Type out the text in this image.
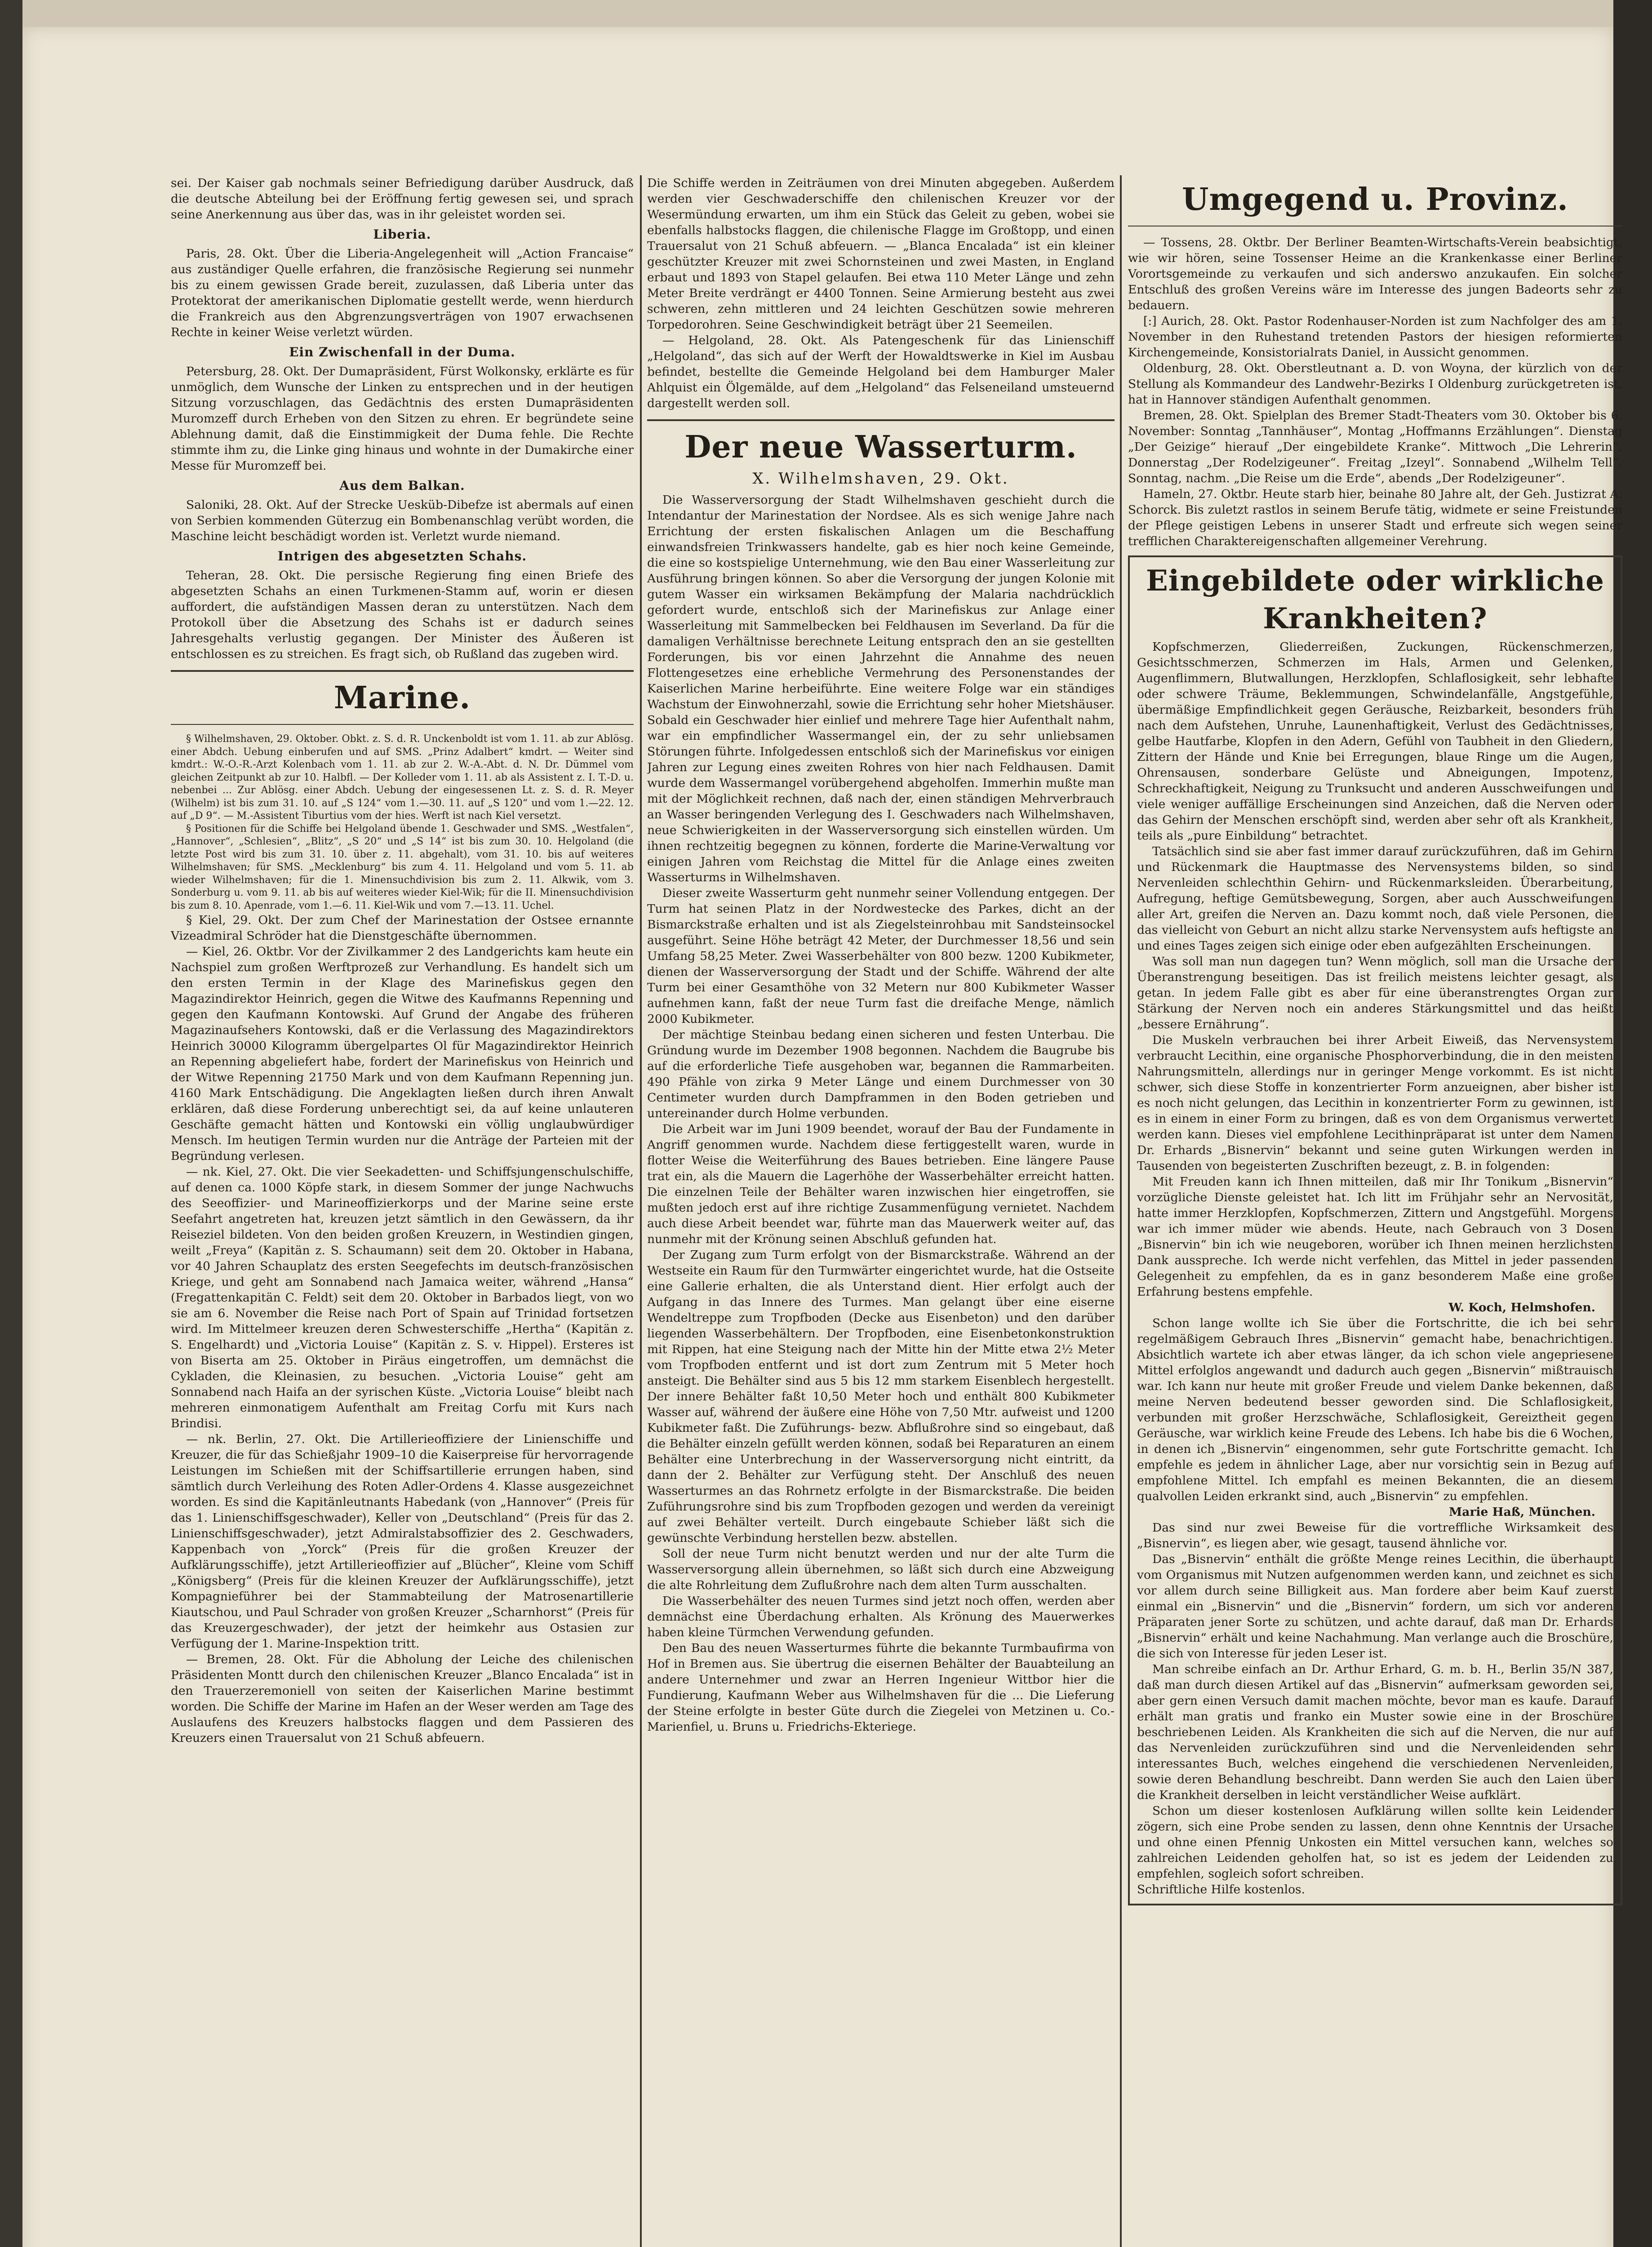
sei. Der Kaiser gab nochmals seiner Befriedigung darüber Ausdruck, daß die deutsche Abteilung bei der Eröffnung fertig gewesen sei, und sprach seine Anerkennung aus über das, was in ihr geleistet worden sei.

Liberia.

Paris, 28. Okt. Über die Liberia-Angelegenheit will „Action Francaise“ aus zuständiger Quelle erfahren, die französische Regierung sei nunmehr bis zu einem gewissen Grade bereit, zuzulassen, daß Liberia unter das Protektorat der amerikanischen Diplomatie gestellt werde, wenn hierdurch die Frankreich aus den Abgrenzungsverträgen von 1907 erwachsenen Rechte in keiner Weise verletzt würden.

Ein Zwischenfall in der Duma.

Petersburg, 28. Okt. Der Dumapräsident, Fürst Wolkonsky, erklärte es für unmöglich, dem Wunsche der Linken zu entsprechen und in der heutigen Sitzung vorzuschlagen, das Gedächtnis des ersten Dumapräsidenten Muromzeff durch Erheben von den Sitzen zu ehren. Er begründete seine Ablehnung damit, daß die Einstimmigkeit der Duma fehle. Die Rechte stimmte ihm zu, die Linke ging hinaus und wohnte in der Dumakirche einer Messe für Muromzeff bei.

Aus dem Balkan.

Saloniki, 28. Okt. Auf der Strecke Uesküb-Dibefze ist abermals auf einen von Serbien kommenden Güterzug ein Bombenanschlag verübt worden, die Maschine leicht beschädigt worden ist. Verletzt wurde niemand.

Intrigen des abgesetzten Schahs.

Teheran, 28. Okt. Die persische Regierung fing einen Briefe des abgesetzten Schahs an einen Turkmenen-Stamm auf, worin er diesen auffordert, die aufständigen Massen deran zu unterstützen. Nach dem Protokoll über die Absetzung des Schahs ist er dadurch seines Jahresgehalts verlustig gegangen. Der Minister des Äußeren ist entschlossen es zu streichen. Es fragt sich, ob Rußland das zugeben wird.

Marine.

§ Wilhelmshaven, 29. Oktober. Obkt. z. S. d. R. Unckenboldt ist vom 1. 11. ab zur Ablösg. einer Abdch. Uebung einberufen und auf SMS. „Prinz Adalbert“ kmdrt. — Weiter sind kmdrt.: W.-O.-R.-Arzt Kolenbach vom 1. 11. ab zur 2. W.-A.-Abt. d. N. Dr. Dümmel vom gleichen Zeitpunkt ab zur 10. Halbfl. — Der Kolleder vom 1. 11. ab als Assistent z. I. T.-D. u. nebenbei ... Zur Ablösg. einer Abdch. Uebung der eingesessenen Lt. z. S. d. R. Meyer (Wilhelm) ist bis zum 31. 10. auf „S 124“ vom 1.—30. 11. auf „S 120“ und vom 1.—22. 12. auf „D 9“. — M.-Assistent Tiburtius vom der hies. Werft ist nach Kiel versetzt.

§ Positionen für die Schiffe bei Helgoland übende 1. Geschwader und SMS. „Westfalen“, „Hannover“, „Schlesien“, „Blitz“, „S 20“ und „S 14“ ist bis zum 30. 10. Helgoland (die letzte Post wird bis zum 31. 10. über z. 11. abgehalt), vom 31. 10. bis auf weiteres Wilhelmshaven; für SMS. „Mecklenburg“ bis zum 4. 11. Helgoland und vom 5. 11. ab wieder Wilhelmshaven; für die 1. Minensuchdivision bis zum 2. 11. Alkwik, vom 3. Sonderburg u. vom 9. 11. ab bis auf weiteres wieder Kiel-Wik; für die II. Minensuchdivision bis zum 8. 10. Apenrade, vom 1.—6. 11. Kiel-Wik und vom 7.—13. 11. Uchel.

§ Kiel, 29. Okt. Der zum Chef der Marinestation der Ostsee ernannte Vizeadmiral Schröder hat die Dienstgeschäfte übernommen.

— Kiel, 26. Oktbr. Vor der Zivilkammer 2 des Landgerichts kam heute ein Nachspiel zum großen Werftprozeß zur Verhandlung. Es handelt sich um den ersten Termin in der Klage des Marinefiskus gegen den Magazindirektor Heinrich, gegen die Witwe des Kaufmanns Repenning und gegen den Kaufmann Kontowski. Auf Grund der Angabe des früheren Magazinaufsehers Kontowski, daß er die Verlassung des Magazindirektors Heinrich 30000 Kilogramm übergelpartes Ol für Magazindirektor Heinrich an Repenning abgeliefert habe, fordert der Marinefiskus von Heinrich und der Witwe Repenning 21750 Mark und von dem Kaufmann Repenning jun. 4160 Mark Entschädigung. Die Angeklagten ließen durch ihren Anwalt erklären, daß diese Forderung unberechtigt sei, da auf keine unlauteren Geschäfte gemacht hätten und Kontowski ein völlig unglaubwürdiger Mensch. Im heutigen Termin wurden nur die Anträge der Parteien mit der Begründung verlesen.

— nk. Kiel, 27. Okt. Die vier Seekadetten- und Schiffsjungenschulschiffe, auf denen ca. 1000 Köpfe stark, in diesem Sommer der junge Nachwuchs des Seeoffizier- und Marineoffizierkorps und der Marine seine erste Seefahrt angetreten hat, kreuzen jetzt sämtlich in den Gewässern, da ihr Reiseziel bildeten. Von den beiden großen Kreuzern, in Westindien gingen, weilt „Freya“ (Kapitän z. S. Schaumann) seit dem 20. Oktober in Habana, vor 40 Jahren Schauplatz des ersten Seegefechts im deutsch-französischen Kriege, und geht am Sonnabend nach Jamaica weiter, während „Hansa“ (Fregattenkapitän C. Feldt) seit dem 20. Oktober in Barbados liegt, von wo sie am 6. November die Reise nach Port of Spain auf Trinidad fortsetzen wird. Im Mittelmeer kreuzen deren Schwesterschiffe „Hertha“ (Kapitän z. S. Engelhardt) und „Victoria Louise“ (Kapitän z. S. v. Hippel). Ersteres ist von Biserta am 25. Oktober in Piräus eingetroffen, um demnächst die Cykladen, die Kleinasien, zu besuchen. „Victoria Louise“ geht am Sonnabend nach Haifa an der syrischen Küste. „Victoria Louise“ bleibt nach mehreren einmonatigem Aufenthalt am Freitag Corfu mit Kurs nach Brindisi.

— nk. Berlin, 27. Okt. Die Artillerieoffiziere der Linienschiffe und Kreuzer, die für das Schießjahr 1909–10 die Kaiserpreise für hervorragende Leistungen im Schießen mit der Schiffsartillerie errungen haben, sind sämtlich durch Verleihung des Roten Adler-Ordens 4. Klasse ausgezeichnet worden. Es sind die Kapitänleutnants Habedank (von „Hannover“ (Preis für das 1. Linienschiffsgeschwader), Keller von „Deutschland“ (Preis für das 2. Linienschiffsgeschwader), jetzt Admiralstabsoffizier des 2. Geschwaders, Kappenbach von „Yorck“ (Preis für die großen Kreuzer der Aufklärungsschiffe), jetzt Artillerieoffizier auf „Blücher“, Kleine vom Schiff „Königsberg“ (Preis für die kleinen Kreuzer der Aufklärungsschiffe), jetzt Kompagnieführer bei der Stammabteilung der Matrosenartillerie Kiautschou, und Paul Schrader von großen Kreuzer „Scharnhorst“ (Preis für das Kreuzergeschwader), der jetzt der heimkehr aus Ostasien zur Verfügung der 1. Marine-Inspektion tritt.

— Bremen, 28. Okt. Für die Abholung der Leiche des chilenischen Präsidenten Montt durch den chilenischen Kreuzer „Blanco Encalada“ ist in den Trauerzeremoniell von seiten der Kaiserlichen Marine bestimmt worden. Die Schiffe der Marine im Hafen an der Weser werden am Tage des Auslaufens des Kreuzers halbstocks flaggen und dem Passieren des Kreuzers einen Trauersalut von 21 Schuß abfeuern.

Die Schiffe werden in Zeiträumen von drei Minuten abgegeben. Außerdem werden vier Geschwaderschiffe den chilenischen Kreuzer vor der Wesermündung erwarten, um ihm ein Stück das Geleit zu geben, wobei sie ebenfalls halbstocks flaggen, die chilenische Flagge im Großtopp, und einen Trauersalut von 21 Schuß abfeuern. — „Blanca Encalada“ ist ein kleiner geschützter Kreuzer mit zwei Schornsteinen und zwei Masten, in England erbaut und 1893 von Stapel gelaufen. Bei etwa 110 Meter Länge und zehn Meter Breite verdrängt er 4400 Tonnen. Seine Armierung besteht aus zwei schweren, zehn mittleren und 24 leichten Geschützen sowie mehreren Torpedorohren. Seine Geschwindigkeit beträgt über 21 Seemeilen.

— Helgoland, 28. Okt. Als Patengeschenk für das Linienschiff „Helgoland“, das sich auf der Werft der Howaldtswerke in Kiel im Ausbau befindet, bestellte die Gemeinde Helgoland bei dem Hamburger Maler Ahlquist ein Ölgemälde, auf dem „Helgoland“ das Felseneiland umsteuernd dargestellt werden soll.

Der neue Wasserturm.
X. Wilhelmshaven, 29. Okt.

Die Wasserversorgung der Stadt Wilhelmshaven geschieht durch die Intendantur der Marinestation der Nordsee. Als es sich wenige Jahre nach Errichtung der ersten fiskalischen Anlagen um die Beschaffung einwandsfreien Trinkwassers handelte, gab es hier noch keine Gemeinde, die eine so kostspielige Unternehmung, wie den Bau einer Wasserleitung zur Ausführung bringen können. So aber die Versorgung der jungen Kolonie mit gutem Wasser ein wirksamen Bekämpfung der Malaria nachdrücklich gefordert wurde, entschloß sich der Marinefiskus zur Anlage einer Wasserleitung mit Sammelbecken bei Feldhausen im Severland. Da für die damaligen Verhältnisse berechnete Leitung entsprach den an sie gestellten Forderungen, bis vor einen Jahrzehnt die Annahme des neuen Flottengesetzes eine erhebliche Vermehrung des Personenstandes der Kaiserlichen Marine herbeiführte. Eine weitere Folge war ein ständiges Wachstum der Einwohnerzahl, sowie die Errichtung sehr hoher Mietshäuser. Sobald ein Geschwader hier einlief und mehrere Tage hier Aufenthalt nahm, war ein empfindlicher Wassermangel ein, der zu sehr unliebsamen Störungen führte. Infolgedessen entschloß sich der Marinefiskus vor einigen Jahren zur Legung eines zweiten Rohres von hier nach Feldhausen. Damit wurde dem Wassermangel vorübergehend abgeholfen. Immerhin mußte man mit der Möglichkeit rechnen, daß nach der, einen ständigen Mehrverbrauch an Wasser beringenden Verlegung des I. Geschwaders nach Wilhelmshaven, neue Schwierigkeiten in der Wasserversorgung sich einstellen würden. Um ihnen rechtzeitig begegnen zu können, forderte die Marine-Verwaltung vor einigen Jahren vom Reichstag die Mittel für die Anlage eines zweiten Wasserturms in Wilhelmshaven.

Dieser zweite Wasserturm geht nunmehr seiner Vollendung entgegen. Der Turm hat seinen Platz in der Nordwestecke des Parkes, dicht an der Bismarckstraße erhalten und ist als Ziegelsteinrohbau mit Sandsteinsockel ausgeführt. Seine Höhe beträgt 42 Meter, der Durchmesser 18,56 und sein Umfang 58,25 Meter. Zwei Wasserbehälter von 800 bezw. 1200 Kubikmeter, dienen der Wasserversorgung der Stadt und der Schiffe. Während der alte Turm bei einer Gesamthöhe von 32 Metern nur 800 Kubikmeter Wasser aufnehmen kann, faßt der neue Turm fast die dreifache Menge, nämlich 2000 Kubikmeter.

Der mächtige Steinbau bedang einen sicheren und festen Unterbau. Die Gründung wurde im Dezember 1908 begonnen. Nachdem die Baugrube bis auf die erforderliche Tiefe ausgehoben war, begannen die Rammarbeiten. 490 Pfähle von zirka 9 Meter Länge und einem Durchmesser von 30 Centimeter wurden durch Dampframmen in den Boden getrieben und untereinander durch Holme verbunden.

Die Arbeit war im Juni 1909 beendet, worauf der Bau der Fundamente in Angriff genommen wurde. Nachdem diese fertiggestellt waren, wurde in flotter Weise die Weiterführung des Baues betrieben. Eine längere Pause trat ein, als die Mauern die Lagerhöhe der Wasserbehälter erreicht hatten. Die einzelnen Teile der Behälter waren inzwischen hier eingetroffen, sie mußten jedoch erst auf ihre richtige Zusammenfügung vernietet. Nachdem auch diese Arbeit beendet war, führte man das Mauerwerk weiter auf, das nunmehr mit der Krönung seinen Abschluß gefunden hat.

Der Zugang zum Turm erfolgt von der Bismarckstraße. Während an der Westseite ein Raum für den Turmwärter eingerichtet wurde, hat die Ostseite eine Gallerie erhalten, die als Unterstand dient. Hier erfolgt auch der Aufgang in das Innere des Turmes. Man gelangt über eine eiserne Wendeltreppe zum Tropfboden (Decke aus Eisenbeton) und den darüber liegenden Wasserbehältern. Der Tropfboden, eine Eisenbetonkonstruktion mit Rippen, hat eine Steigung nach der Mitte hin der Mitte etwa 2½ Meter vom Tropfboden entfernt und ist dort zum Zentrum mit 5 Meter hoch ansteigt. Die Behälter sind aus 5 bis 12 mm starkem Eisenblech hergestellt. Der innere Behälter faßt 10,50 Meter hoch und enthält 800 Kubikmeter Wasser auf, während der äußere eine Höhe von 7,50 Mtr. aufweist und 1200 Kubikmeter faßt. Die Zuführungs- bezw. Abflußrohre sind so eingebaut, daß die Behälter einzeln gefüllt werden können, sodaß bei Reparaturen an einem Behälter eine Unterbrechung in der Wasserversorgung nicht eintritt, da dann der 2. Behälter zur Verfügung steht. Der Anschluß des neuen Wasserturmes an das Rohrnetz erfolgte in der Bismarckstraße. Die beiden Zuführungsrohre sind bis zum Tropfboden gezogen und werden da vereinigt auf zwei Behälter verteilt. Durch eingebaute Schieber läßt sich die gewünschte Verbindung herstellen bezw. abstellen.

Soll der neue Turm nicht benutzt werden und nur der alte Turm die Wasserversorgung allein übernehmen, so läßt sich durch eine Abzweigung die alte Rohrleitung dem Zuflußrohre nach dem alten Turm ausschalten.

Die Wasserbehälter des neuen Turmes sind jetzt noch offen, werden aber demnächst eine Überdachung erhalten. Als Krönung des Mauerwerkes haben kleine Türmchen Verwendung gefunden.

Den Bau des neuen Wasserturmes führte die bekannte Turmbaufirma von Hof in Bremen aus. Sie übertrug die eisernen Behälter der Bauabteilung an andere Unternehmer und zwar an Herren Ingenieur Wittbor hier die Fundierung, Kaufmann Weber aus Wilhelmshaven für die ... Die Lieferung der Steine erfolgte in bester Güte durch die Ziegelei von Metzinen u. Co.-Marienfiel, u. Bruns u. Friedrichs-Ekteriege.

Umgegend u. Provinz.

— Tossens, 28. Oktbr. Der Berliner Beamten-Wirtschafts-Verein beabsichtigt, wie wir hören, seine Tossenser Heime an die Krankenkasse einer Berliner Vorortsgemeinde zu verkaufen und sich anderswo anzukaufen. Ein solcher Entschluß des großen Vereins wäre im Interesse des jungen Badeorts sehr zu bedauern.

[:] Aurich, 28. Okt. Pastor Rodenhauser-Norden ist zum Nachfolger des am 1. November in den Ruhestand tretenden Pastors der hiesigen reformierten Kirchengemeinde, Konsistorialrats Daniel, in Aussicht genommen.

Oldenburg, 28. Okt. Oberstleutnant a. D. von Woyna, der kürzlich von der Stellung als Kommandeur des Landwehr-Bezirks I Oldenburg zurückgetreten ist, hat in Hannover ständigen Aufenthalt genommen.

Bremen, 28. Okt. Spielplan des Bremer Stadt-Theaters vom 30. Oktober bis 6. November: Sonntag „Tannhäuser“, Montag „Hoffmanns Erzählungen“. Dienstag „Der Geizige“ hierauf „Der eingebildete Kranke“. Mittwoch „Die Lehrerin“. Donnerstag „Der Rodelzigeuner“. Freitag „Izeyl“. Sonnabend „Wilhelm Tell“. Sonntag, nachm. „Die Reise um die Erde“, abends „Der Rodelzigeuner“.

Hameln, 27. Oktbr. Heute starb hier, beinahe 80 Jahre alt, der Geh. Justizrat A. Schorck. Bis zuletzt rastlos in seinem Berufe tätig, widmete er seine Freistunden der Pflege geistigen Lebens in unserer Stadt und erfreute sich wegen seiner trefflichen Charaktereigenschaften allgemeiner Verehrung.

Eingebildete oder wirkliche
Krankheiten?

Kopfschmerzen, Gliederreißen, Zuckungen, Rückenschmerzen, Gesichtsschmerzen, Schmerzen im Hals, Armen und Gelenken, Augenflimmern, Blutwallungen, Herzklopfen, Schlaflosigkeit, sehr lebhafte oder schwere Träume, Beklemmungen, Schwindelanfälle, Angstgefühle, übermäßige Empfindlichkeit gegen Geräusche, Reizbarkeit, besonders früh nach dem Aufstehen, Unruhe, Launenhaftigkeit, Verlust des Gedächtnisses, gelbe Hautfarbe, Klopfen in den Adern, Gefühl von Taubheit in den Gliedern, Zittern der Hände und Knie bei Erregungen, blaue Ringe um die Augen, Ohrensausen, sonderbare Gelüste und Abneigungen, Impotenz, Schreckhaftigkeit, Neigung zu Trunksucht und anderen Ausschweifungen und viele weniger auffällige Erscheinungen sind Anzeichen, daß die Nerven oder das Gehirn der Menschen erschöpft sind, werden aber sehr oft als Krankheit, teils als „pure Einbildung“ betrachtet.

Tatsächlich sind sie aber fast immer darauf zurückzuführen, daß im Gehirn und Rückenmark die Hauptmasse des Nervensystems bilden, so sind Nervenleiden schlechthin Gehirn- und Rückenmarksleiden. Überarbeitung, Aufregung, heftige Gemütsbewegung, Sorgen, aber auch Ausschweifungen aller Art, greifen die Nerven an. Dazu kommt noch, daß viele Personen, die das vielleicht von Geburt an nicht allzu starke Nervensystem aufs heftigste an und eines Tages zeigen sich einige oder eben aufgezählten Erscheinungen.

Was soll man nun dagegen tun? Wenn möglich, soll man die Ursache der Überanstrengung beseitigen. Das ist freilich meistens leichter gesagt, als getan. In jedem Falle gibt es aber für eine überanstrengtes Organ zur Stärkung der Nerven noch ein anderes Stärkungsmittel und das heißt „bessere Ernährung“.

Die Muskeln verbrauchen bei ihrer Arbeit Eiweiß, das Nervensystem verbraucht Lecithin, eine organische Phosphorverbindung, die in den meisten Nahrungsmitteln, allerdings nur in geringer Menge vorkommt. Es ist nicht schwer, sich diese Stoffe in konzentrierter Form anzueignen, aber bisher ist es noch nicht gelungen, das Lecithin in konzentrierter Form zu gewinnen, ist es in einem in einer Form zu bringen, daß es von dem Organismus verwertet werden kann. Dieses viel empfohlene Lecithinpräparat ist unter dem Namen Dr. Erhards „Bisnervin“ bekannt und seine guten Wirkungen werden in Tausenden von begeisterten Zuschriften bezeugt, z. B. in folgenden:

Mit Freuden kann ich Ihnen mitteilen, daß mir Ihr Tonikum „Bisnervin“ vorzügliche Dienste geleistet hat. Ich litt im Frühjahr sehr an Nervosität, hatte immer Herzklopfen, Kopfschmerzen, Zittern und Angstgefühl. Morgens war ich immer müder wie abends. Heute, nach Gebrauch von 3 Dosen „Bisnervin“ bin ich wie neugeboren, worüber ich Ihnen meinen herzlichsten Dank ausspreche. Ich werde nicht verfehlen, das Mittel in jeder passenden Gelegenheit zu empfehlen, da es in ganz besonderem Maße eine große Erfahrung bestens empfehle.

W. Koch, Helmshofen.

Schon lange wollte ich Sie über die Fortschritte, die ich bei sehr regelmäßigem Gebrauch Ihres „Bisnervin“ gemacht habe, benachrichtigen. Absichtlich wartete ich aber etwas länger, da ich schon viele angepriesene Mittel erfolglos angewandt und dadurch auch gegen „Bisnervin“ mißtrauisch war. Ich kann nur heute mit großer Freude und vielem Danke bekennen, daß meine Nerven bedeutend besser geworden sind. Die Schlaflosigkeit, verbunden mit großer Herzschwäche, Schlaflosigkeit, Gereiztheit gegen Geräusche, war wirklich keine Freude des Lebens. Ich habe bis die 6 Wochen, in denen ich „Bisnervin“ eingenommen, sehr gute Fortschritte gemacht. Ich empfehle es jedem in ähnlicher Lage, aber nur vorsichtig sein in Bezug auf empfohlene Mittel. Ich empfahl es meinen Bekannten, die an diesem qualvollen Leiden erkrankt sind, auch „Bisnervin“ zu empfehlen.

Marie Haß, München.

Das sind nur zwei Beweise für die vortreffliche Wirksamkeit des „Bisnervin“, es liegen aber, wie gesagt, tausend ähnliche vor.

Das „Bisnervin“ enthält die größte Menge reines Lecithin, die überhaupt vom Organismus mit Nutzen aufgenommen werden kann, und zeichnet es sich vor allem durch seine Billigkeit aus. Man fordere aber beim Kauf zuerst einmal ein „Bisnervin“ und die „Bisnervin“ fordern, um sich vor anderen Präparaten jener Sorte zu schützen, und achte darauf, daß man Dr. Erhards „Bisnervin“ erhält und keine Nachahmung. Man verlange auch die Broschüre, die sich von Interesse für jeden Leser ist.

Man schreibe einfach an Dr. Arthur Erhard, G. m. b. H., Berlin 35/N 387, daß man durch diesen Artikel auf das „Bisnervin“ aufmerksam geworden sei, aber gern einen Versuch damit machen möchte, bevor man es kaufe. Darauf erhält man gratis und franko ein Muster sowie eine in der Broschüre beschriebenen Leiden. Als Krankheiten die sich auf die Nerven, die nur auf das Nervenleiden zurückzuführen sind und die Nervenleidenden sehr interessantes Buch, welches eingehend die verschiedenen Nervenleiden, sowie deren Behandlung beschreibt. Dann werden Sie auch den Laien über die Krankheit derselben in leicht verständlicher Weise aufklärt.

Schon um dieser kostenlosen Aufklärung willen sollte kein Leidender zögern, sich eine Probe senden zu lassen, denn ohne Kenntnis der Ursache und ohne einen Pfennig Unkosten ein Mittel versuchen kann, welches so zahlreichen Leidenden geholfen hat, so ist es jedem der Leidenden zu empfehlen, sogleich sofort schreiben.

Schriftliche Hilfe kostenlos.
